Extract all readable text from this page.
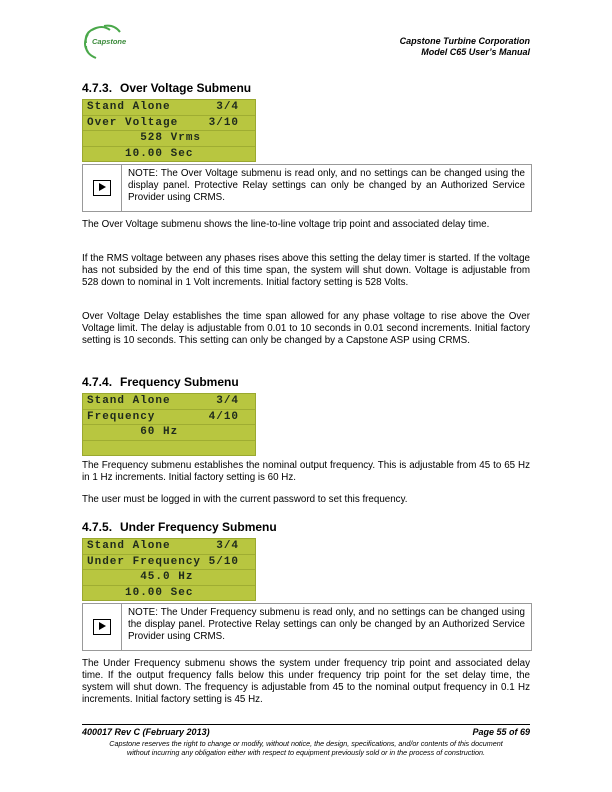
Capstone	Capstone Turbine Corporation
Model C65 User’s Manual
4.7.3. Over Voltage Submenu
Stand Alone      3/4
Over Voltage    3/10
528 Vrms
10.00 Sec
NOTE: The Over Voltage submenu is read only, and no settings can be changed using the display panel. Protective Relay settings can only be changed by an Authorized Service Provider using CRMS.

The Over Voltage submenu shows the line-to-line voltage trip point and associated delay time.

If the RMS voltage between any phases rises above this setting the delay timer is started. If the voltage has not subsided by the end of this time span, the system will shut down. Voltage is adjustable from 528 down to nominal in 1 Volt increments. Initial factory setting is 528 Volts.

Over Voltage Delay establishes the time span allowed for any phase voltage to rise above the Over Voltage limit. The delay is adjustable from 0.01 to 10 seconds in 0.01 second increments. Initial factory setting is 10 seconds. This setting can only be changed by a Capstone ASP using CRMS.

4.7.4. Frequency Submenu
Stand Alone      3/4
Frequency       4/10
60 Hz

The Frequency submenu establishes the nominal output frequency. This is adjustable from 45 to 65 Hz in 1 Hz increments. Initial factory setting is 60 Hz.

The user must be logged in with the current password to set this frequency.

4.7.5. Under Frequency Submenu
Stand Alone      3/4
Under Frequency 5/10
45.0 Hz
10.00 Sec
NOTE: The Under Frequency submenu is read only, and no settings can be changed using the display panel. Protective Relay settings can only be changed by an Authorized Service Provider using CRMS.

The Under Frequency submenu shows the system under frequency trip point and associated delay time. If the output frequency falls below this under frequency trip point for the set delay time, the system will shut down. The frequency is adjustable from 45 to the nominal output frequency in 0.1 Hz increments. Initial factory setting is 45 Hz.

400017 Rev C (February 2013)	Page 55 of 69
Capstone reserves the right to change or modify, without notice, the design, specifications, and/or contents of this document
without incurring any obligation either with respect to equipment previously sold or in the process of construction.
